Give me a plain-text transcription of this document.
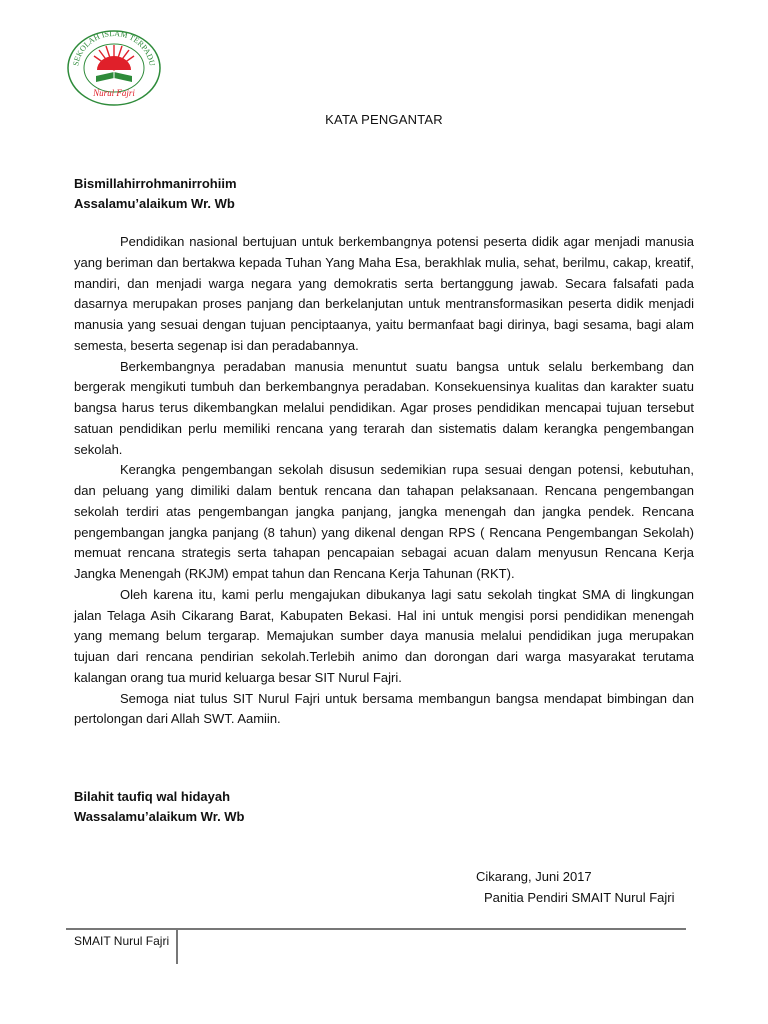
SEKOLAH ISLAM TERPADU
Nurul Fajri
KATA PENGANTAR
Bismillahirrohmanirrohiim
Assalamu’alaikum Wr. Wb

Pendidikan nasional bertujuan untuk berkembangnya potensi peserta didik agar menjadi manusia yang beriman dan bertakwa kepada Tuhan Yang Maha Esa, berakhlak mulia, sehat, berilmu, cakap, kreatif, mandiri, dan menjadi warga negara yang demokratis serta bertanggung jawab. Secara falsafati pada dasarnya merupakan proses panjang dan berkelanjutan untuk mentransformasikan peserta didik menjadi manusia yang sesuai dengan tujuan penciptaanya, yaitu bermanfaat bagi dirinya, bagi sesama, bagi alam semesta, beserta segenap isi dan peradabannya.

Berkembangnya peradaban manusia menuntut suatu bangsa untuk selalu berkembang dan bergerak mengikuti tumbuh dan berkembangnya peradaban. Konsekuensinya kualitas dan karakter suatu bangsa harus terus dikembangkan melalui pendidikan. Agar proses pendidikan mencapai tujuan tersebut satuan pendidikan perlu memiliki rencana yang terarah dan sistematis dalam kerangka pengembangan sekolah.

Kerangka pengembangan sekolah disusun sedemikian rupa sesuai dengan potensi, kebutuhan, dan peluang yang dimiliki dalam bentuk rencana dan tahapan pelaksanaan. Rencana pengembangan sekolah terdiri atas pengembangan jangka panjang, jangka menengah dan jangka pendek. Rencana pengembangan jangka panjang (8 tahun) yang dikenal dengan RPS ( Rencana Pengembangan Sekolah) memuat rencana strategis serta tahapan pencapaian sebagai acuan dalam menyusun Rencana Kerja Jangka Menengah (RKJM) empat tahun dan Rencana Kerja Tahunan (RKT).

Oleh karena itu, kami perlu mengajukan dibukanya lagi satu sekolah tingkat SMA di lingkungan jalan Telaga Asih Cikarang Barat, Kabupaten Bekasi. Hal ini untuk mengisi porsi pendidikan menengah yang memang belum tergarap. Memajukan sumber daya manusia melalui pendidikan juga merupakan tujuan dari rencana pendirian sekolah.Terlebih animo dan dorongan dari warga masyarakat terutama kalangan orang tua murid keluarga besar SIT Nurul Fajri.

Semoga niat tulus SIT Nurul Fajri untuk bersama membangun bangsa mendapat bimbingan dan pertolongan dari Allah SWT. Aamiin.

Bilahit taufiq wal hidayah
Wassalamu’alaikum Wr. Wb
Cikarang, Juni 2017
Panitia Pendiri SMAIT Nurul Fajri
SMAIT Nurul Fajri
